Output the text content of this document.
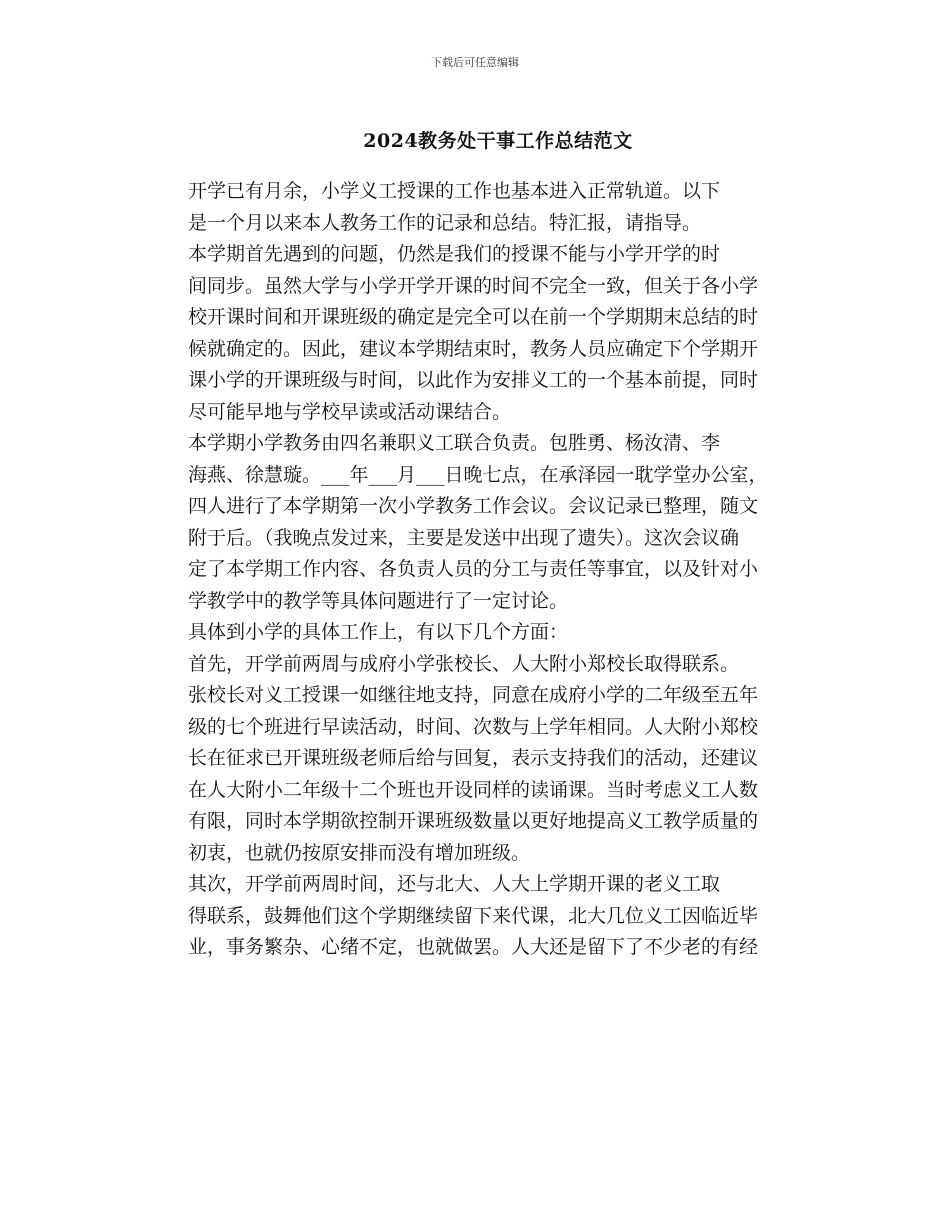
下载后可任意编辑
2024教务处干事工作总结范文

开学已有月余，小学义工授课的工作也基本进入正常轨道。以下
是一个月以来本人教务工作的记录和总结。特汇报，请指导。

本学期首先遇到的问题，仍然是我们的授课不能与小学开学的时
间同步。虽然大学与小学开学开课的时间不完全一致，但关于各小学
校开课时间和开课班级的确定是完全可以在前一个学期期末总结的时
候就确定的。因此，建议本学期结束时，教务人员应确定下个学期开
课小学的开课班级与时间，以此作为安排义工的一个基本前提，同时
尽可能早地与学校早读或活动课结合。

本学期小学教务由四名兼职义工联合负责。包胜勇、杨汝清、李
海燕、徐慧璇。___年___月___日晚七点，在承泽园一耽学堂办公室，
四人进行了本学期第一次小学教务工作会议。会议记录已整理，随文
附于后。（我晚点发过来，主要是发送中出现了遗失）。这次会议确
定了本学期工作内容、各负责人员的分工与责任等事宜，以及针对小
学教学中的教学等具体问题进行了一定讨论。

具体到小学的具体工作上，有以下几个方面：

首先，开学前两周与成府小学张校长、人大附小郑校长取得联系。
张校长对义工授课一如继往地支持，同意在成府小学的二年级至五年
级的七个班进行早读活动，时间、次数与上学年相同。人大附小郑校
长在征求已开课班级老师后给与回复，表示支持我们的活动，还建议
在人大附小二年级十二个班也开设同样的读诵课。当时考虑义工人数
有限，同时本学期欲控制开课班级数量以更好地提高义工教学质量的
初衷，也就仍按原安排而没有增加班级。

其次，开学前两周时间，还与北大、人大上学期开课的老义工取
得联系，鼓舞他们这个学期继续留下来代课，北大几位义工因临近毕
业，事务繁杂、心绪不定，也就做罢。人大还是留下了不少老的有经
